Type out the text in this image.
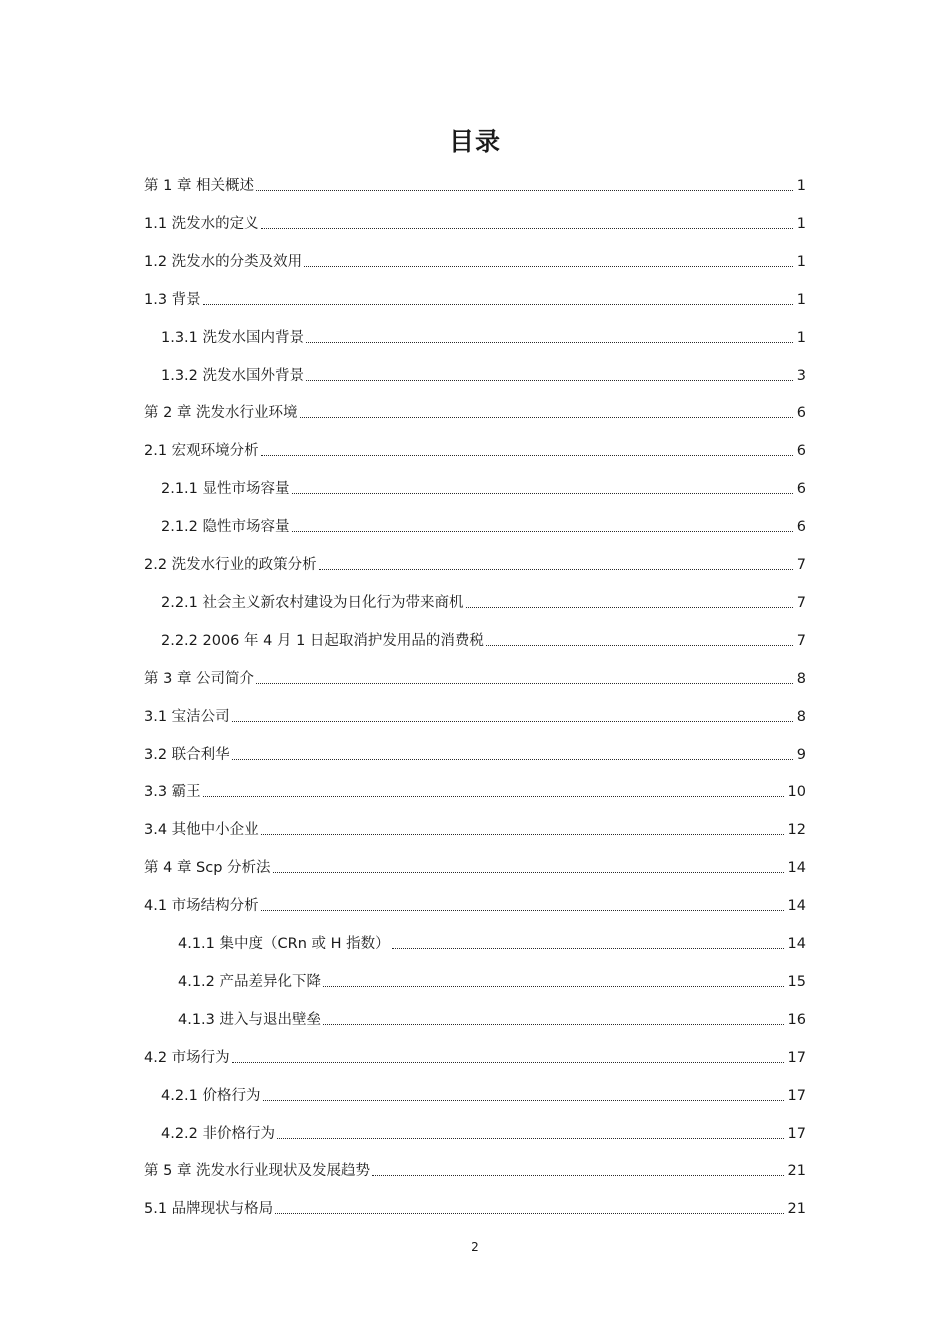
目录
第 1 章 相关概述	1
1.1 洗发水的定义	1
1.2 洗发水的分类及效用	1
1.3 背景	1
1.3.1 洗发水国内背景	1
1.3.2 洗发水国外背景	3
第 2 章 洗发水行业环境	6
2.1 宏观环境分析	6
2.1.1 显性市场容量	6
2.1.2 隐性市场容量	6
2.2 洗发水行业的政策分析	7
2.2.1 社会主义新农村建设为日化行为带来商机	7
2.2.2 2006 年 4 月 1 日起取消护发用品的消费税	7
第 3 章 公司简介	8
3.1 宝洁公司	8
3.2 联合利华	9
3.3 霸王	10
3.4 其他中小企业	12
第 4 章 Scp 分析法	14
4.1 市场结构分析	14
4.1.1 集中度（CRn 或 H 指数）	14
4.1.2 产品差异化下降	15
4.1.3 进入与退出壁垒	16
4.2 市场行为	17
4.2.1 价格行为	17
4.2.2 非价格行为	17
第 5 章 洗发水行业现状及发展趋势	21
5.1 品牌现状与格局	21
2
